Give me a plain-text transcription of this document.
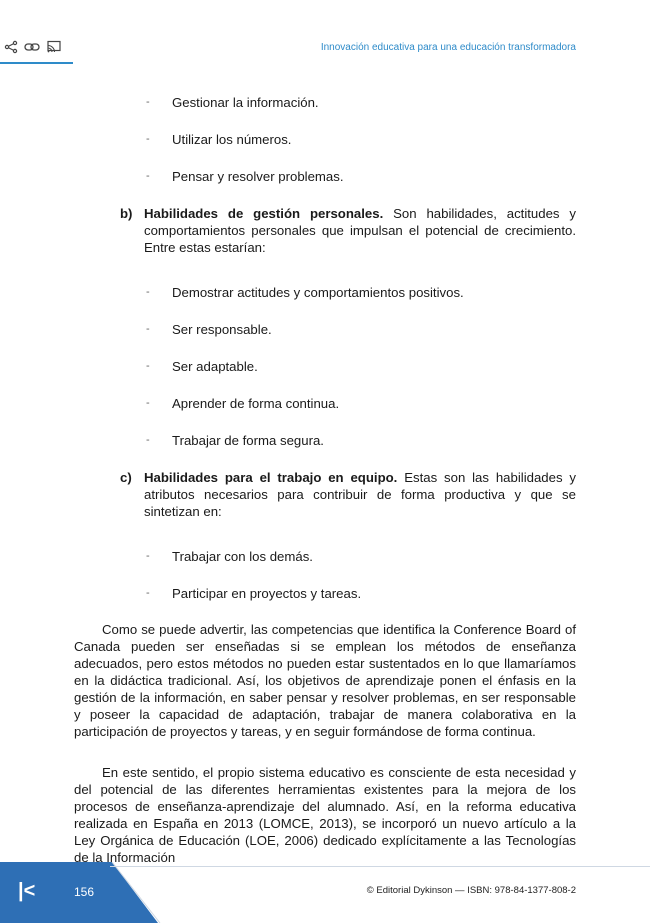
Innovación educativa para una educación transformadora
- Gestionar la información.
- Utilizar los números.
- Pensar y resolver problemas.
b) Habilidades de gestión personales. Son habilidades, actitudes y comportamientos personales que impulsan el potencial de crecimiento. Entre estas estarían:
- Demostrar actitudes y comportamientos positivos.
- Ser responsable.
- Ser adaptable.
- Aprender de forma continua.
- Trabajar de forma segura.
c) Habilidades para el trabajo en equipo. Estas son las habilidades y atributos necesarios para contribuir de forma productiva y que se sintetizan en:
- Trabajar con los demás.
- Participar en proyectos y tareas.
Como se puede advertir, las competencias que identifica la Conference Board of Canada pueden ser enseñadas si se emplean los métodos de enseñanza adecuados, pero estos métodos no pueden estar sustentados en lo que llamaríamos en la didáctica tradicional. Así, los objetivos de aprendizaje ponen el énfasis en la gestión de la información, en saber pensar y resolver problemas, en ser responsable y poseer la capacidad de adaptación, trabajar de manera colaborativa en la participación de proyectos y tareas, y en seguir formándose de forma continua.
En este sentido, el propio sistema educativo es consciente de esta necesidad y del potencial de las diferentes herramientas existentes para la mejora de los procesos de enseñanza-aprendizaje del alumnado. Así, en la reforma educativa realizada en España en 2013 (LOMCE, 2013), se incorporó un nuevo artículo a la Ley Orgánica de Educación (LOE, 2006) dedicado explícitamente a las Tecnologías de la Información
|<	156	© Editorial Dykinson — ISBN: 978-84-1377-808-2
